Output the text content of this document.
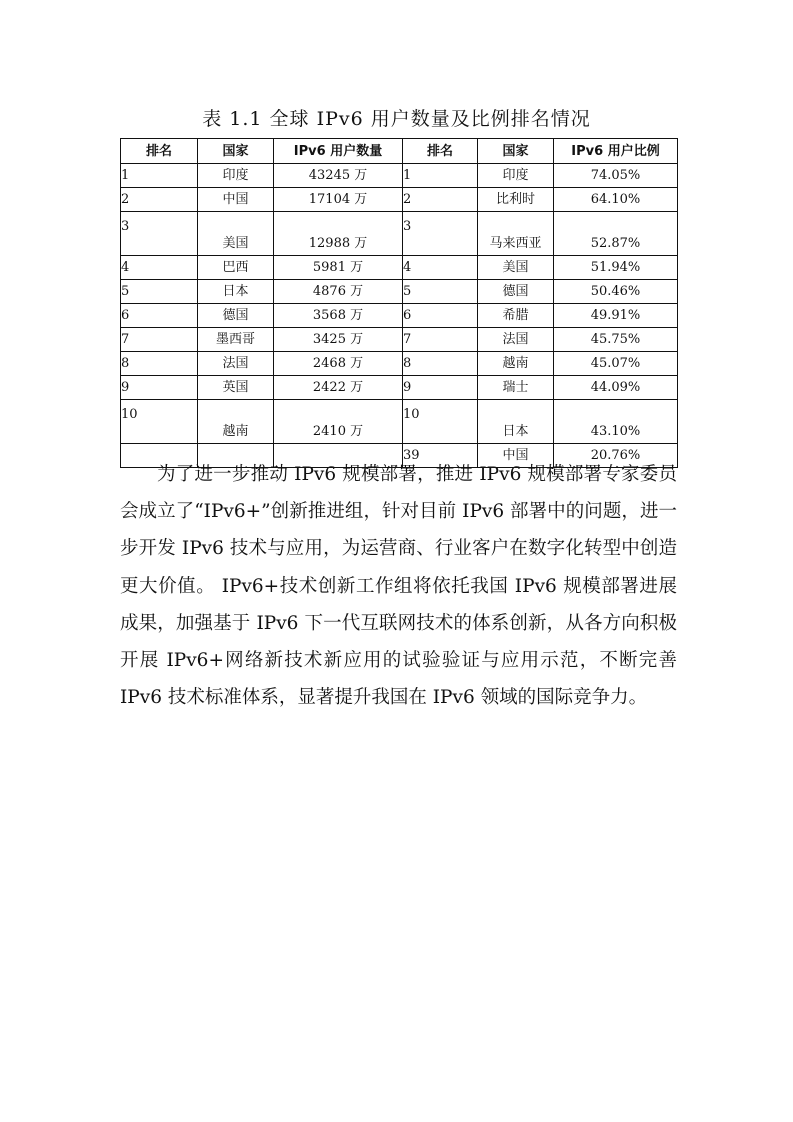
表 1.1 全球 IPv6 用户数量及比例排名情况
排名	国家	IPv6 用户数量	排名	国家	IPv6 用户比例
1	印度	43245 万	1	印度	74.05%
2	中国	17104 万	2	比利时	64.10%
3	美国	12988 万	3	马来西亚	52.87%
4	巴西	5981 万	4	美国	51.94%
5	日本	4876 万	5	德国	50.46%
6	德国	3568 万	6	希腊	49.91%
7	墨西哥	3425 万	7	法国	45.75%
8	法国	2468 万	8	越南	45.07%
9	英国	2422 万	9	瑞士	44.09%
10	越南	2410 万	10	日本	43.10%
			39	中国	20.76%

为了进一步推动 IPv6 规模部署，推进 IPv6 规模部署专家委员会成立了“IPv6+”创新推进组，针对目前 IPv6 部署中的问题，进一步开发 IPv6 技术与应用，为运营商、行业客户在数字化转型中创造更大价值。 IPv6+技术创新工作组将依托我国 IPv6 规模部署进展成果，加强基于 IPv6 下一代互联网技术的体系创新，从各方向积极开展 IPv6+网络新技术新应用的试验验证与应用示范，不断完善 IPv6 技术标准体系，显著提升我国在 IPv6 领域的国际竞争力。
